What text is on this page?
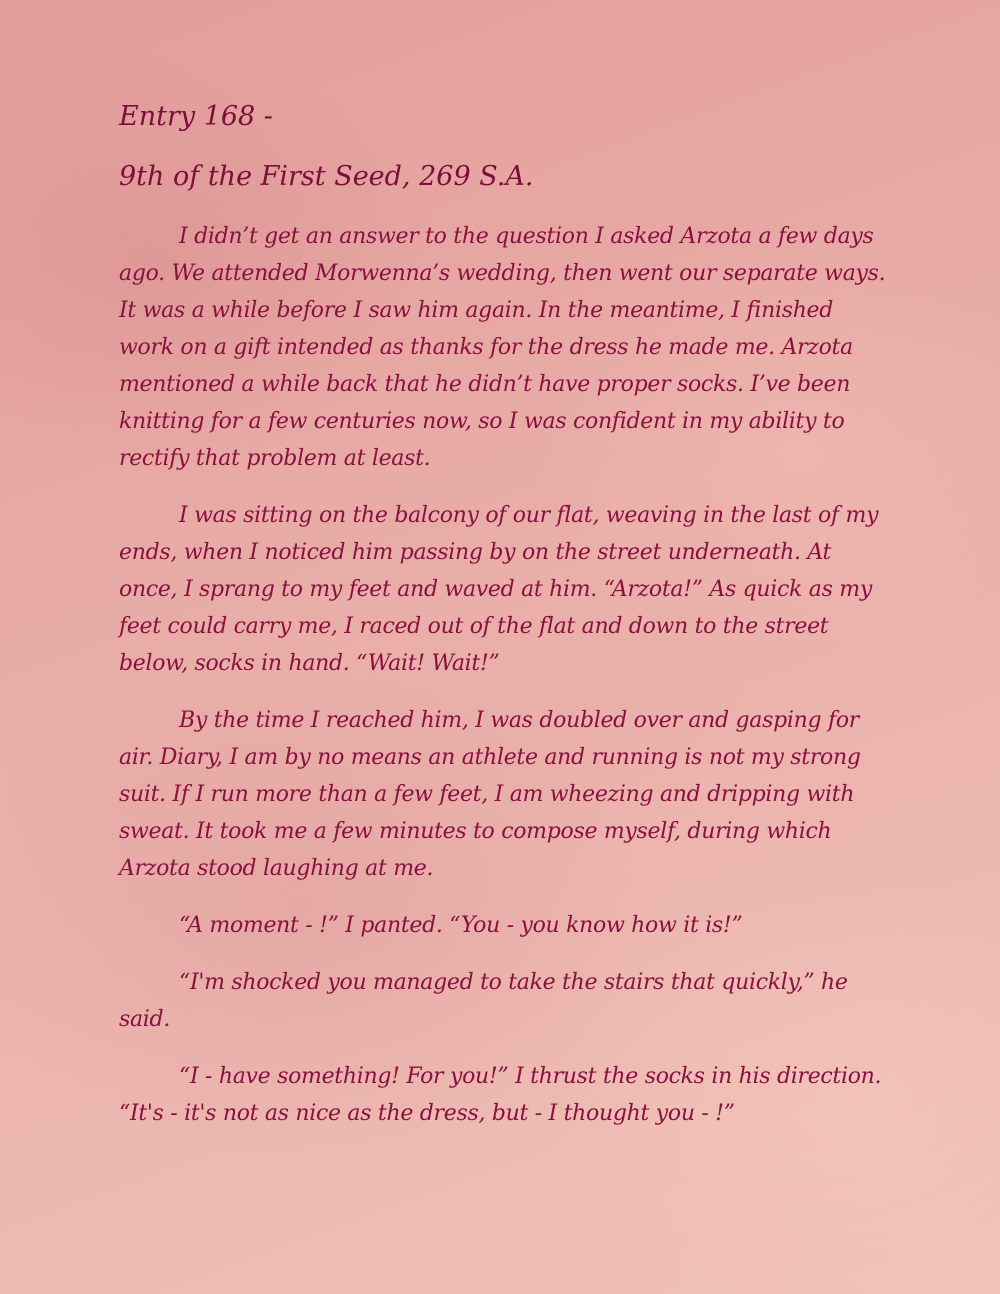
Entry 168 -
9th of the First Seed, 269 S.A.

I didn’t get an answer to the question I asked Arzota a few days ago. We attended Morwenna’s wedding, then went our separate ways. It was a while before I saw him again. In the meantime, I finished work on a gift intended as thanks for the dress he made me. Arzota mentioned a while back that he didn’t have proper socks. I’ve been knitting for a few centuries now, so I was confident in my ability to rectify that problem at least.

I was sitting on the balcony of our flat, weaving in the last of my ends, when I noticed him passing by on the street underneath. At once, I sprang to my feet and waved at him. “Arzota!” As quick as my feet could carry me, I raced out of the flat and down to the street below, socks in hand. “Wait! Wait!”

By the time I reached him, I was doubled over and gasping for air. Diary, I am by no means an athlete and running is not my strong suit. If I run more than a few feet, I am wheezing and dripping with sweat. It took me a few minutes to compose myself, during which Arzota stood laughing at me.

“A moment - !” I panted. “You - you know how it is!”

“I'm shocked you managed to take the stairs that quickly,” he said.

“I - have something! For you!” I thrust the socks in his direction. “It's - it's not as nice as the dress, but - I thought you - !”
